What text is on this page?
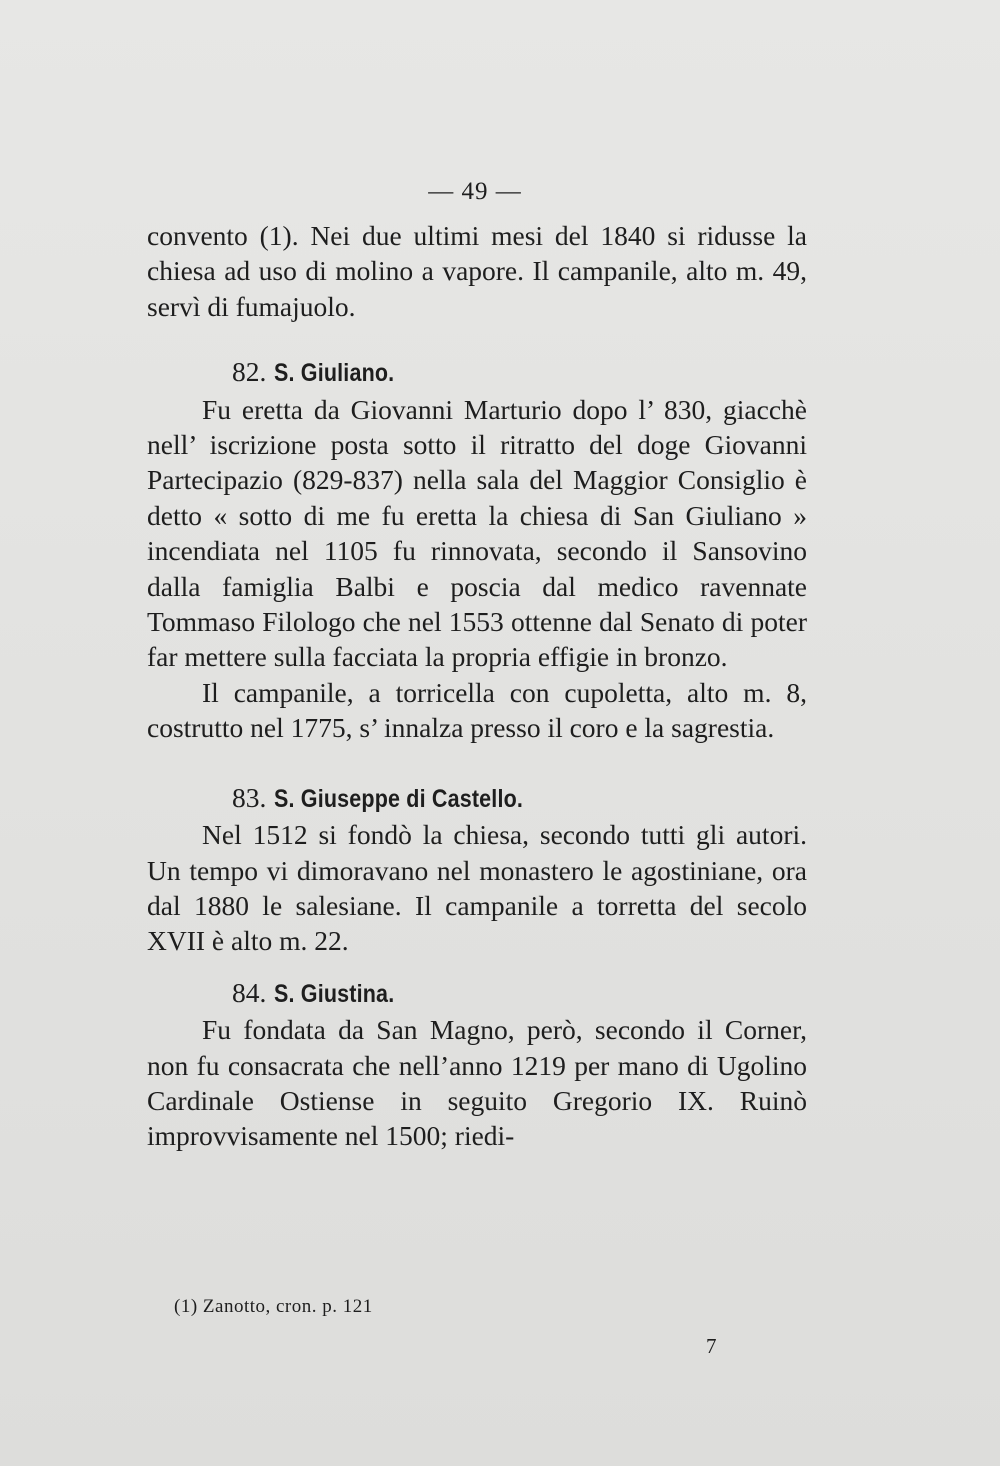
— 49 —

convento (1). Nei due ultimi mesi del 1840 si ridusse la chiesa ad uso di molino a vapore. Il campanile, alto m. 49, servì di fumajuolo.

82. S. Giuliano.

Fu eretta da Giovanni Marturio dopo l’ 830, giacchè nell’ iscrizione posta sotto il ritratto del doge Giovanni Partecipazio (829-837) nella sala del Maggior Consiglio è detto « sotto di me fu eretta la chiesa di San Giuliano » incendiata nel 1105 fu rinnovata, secondo il Sansovino dalla famiglia Balbi e poscia dal medico ravennate Tommaso Filologo che nel 1553 ottenne dal Senato di poter far mettere sulla facciata la propria effigie in bronzo.

Il campanile, a torricella con cupoletta, alto m. 8, costrutto nel 1775, s’ innalza presso il coro e la sagrestia.

83. S. Giuseppe di Castello.

Nel 1512 si fondò la chiesa, secondo tutti gli autori. Un tempo vi dimoravano nel monastero le agostiniane, ora dal 1880 le salesiane. Il campanile a torretta del secolo XVII è alto m. 22.

84. S. Giustina.

Fu fondata da San Magno, però, secondo il Corner, non fu consacrata che nell’anno 1219 per mano di Ugolino Cardinale Ostiense in seguito Gregorio IX. Ruinò improvvisamente nel 1500; riedi-

(1) Zanotto, cron. p. 121
7
